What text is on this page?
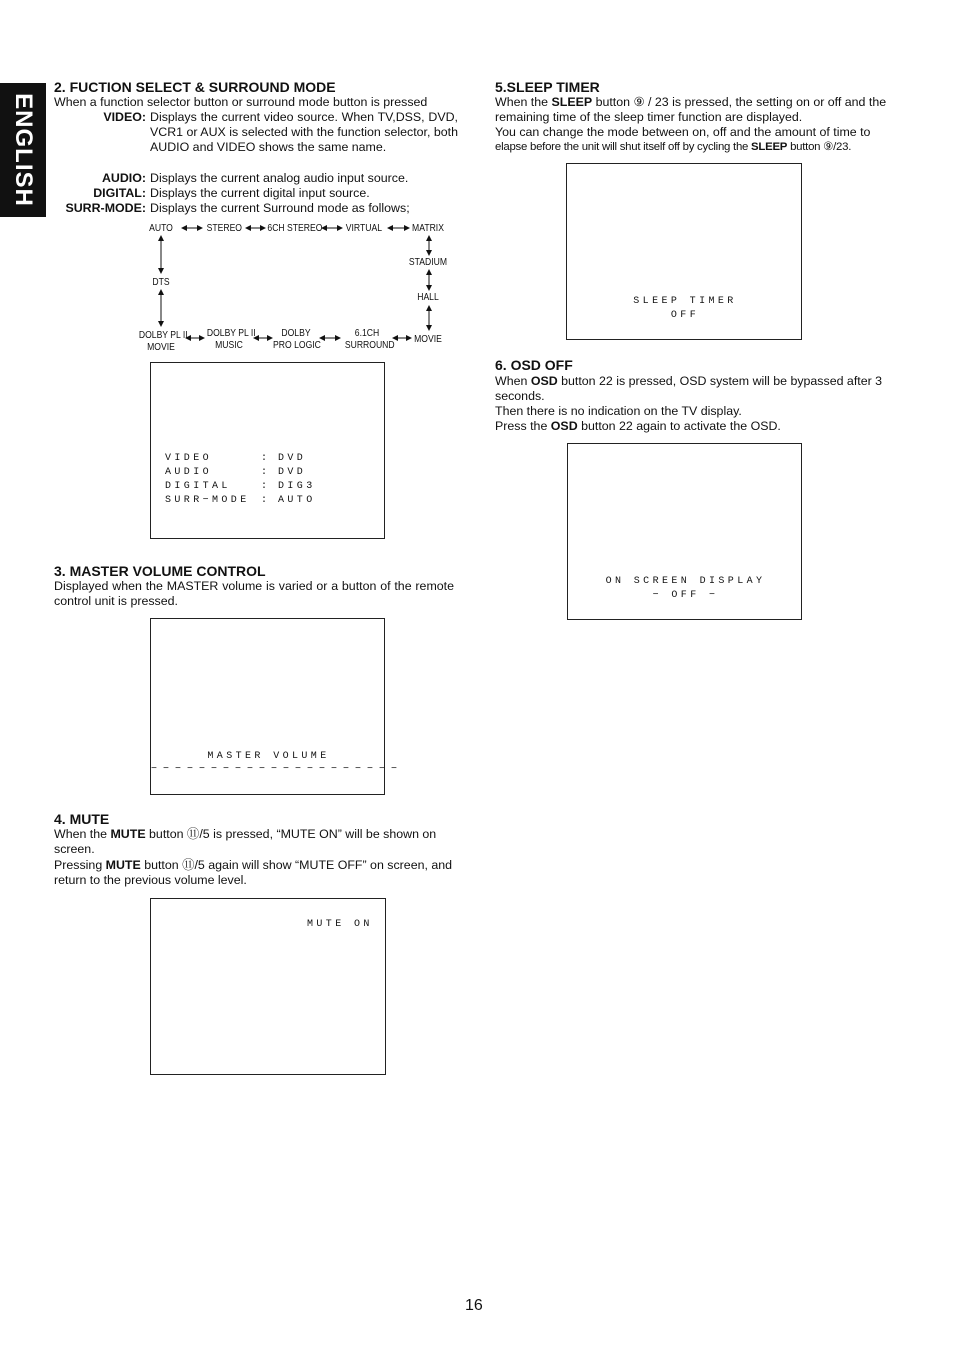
ENGLISH
2. FUCTION SELECT & SURROUND MODE
When a function selector button or surround mode button is pressed
VIDEO: Displays the current video source. When TV,DSS, DVD, VCR1 or AUX is selected with the function selector, both AUDIO and VIDEO shows the same name.
AUDIO: Displays the current analog audio input source.
DIGITAL: Displays the current digital input source.
SURR-MODE: Displays the current Surround mode as follows;
AUTO	STEREO 6CH STEREO VIRTUAL	MATRIX
STADIUM
HALL
DTS
DOLBY PL II
MOVIE
DOLBY PL II
MUSIC
DOLBY
PRO LOGIC
6.1CH
SURROUND MOVIE
VIDEO	: DVD
AUDIO	: DVD
DIGITAL	: DIG3
SURR−MODE : AUTO
3. MASTER VOLUME CONTROL
Displayed when the MASTER volume is varied or a button of the remote control unit is pressed.
MASTER VOLUME
− − − − − − − − − − − − − − − − − − − − −
4. MUTE
When the MUTE button ⑪/5 is pressed, “MUTE ON” will be shown on screen.
Pressing MUTE button ⑪/5 again will show “MUTE OFF” on screen, and return to the previous volume level.
MUTE ON
5.SLEEP TIMER
When the SLEEP button ⑨ / 23 is pressed, the setting on or off and the remaining time of the sleep timer function are displayed.
You can change the mode between on, off and the amount of time to
elapse before the unit will shut itself off by cycling the SLEEP button ⑨/23.
SLEEP TIMER
OFF
6. OSD OFF
When OSD button 22 is pressed, OSD system will be bypassed after 3 seconds.
Then there is no indication on the TV display.
Press the OSD button 22 again to activate the OSD.
ON SCREEN DISPLAY
− OFF −
16
